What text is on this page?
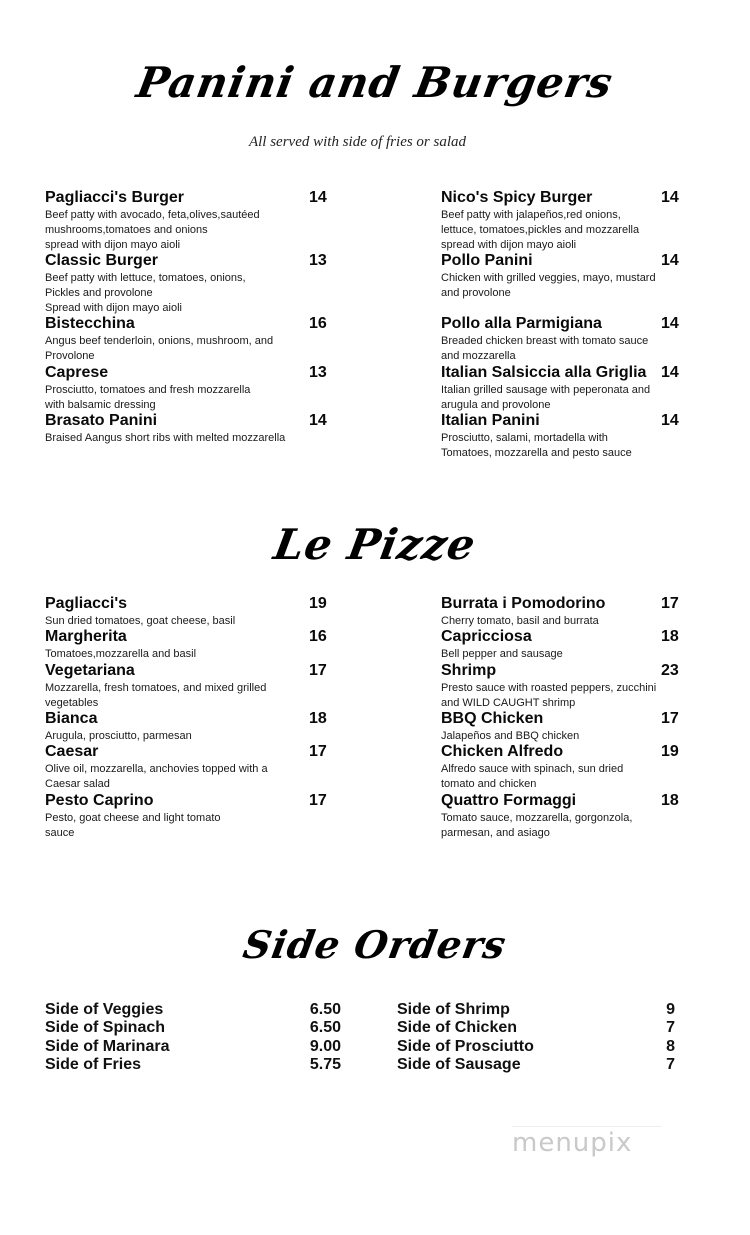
Panini and Burgers
All served with side of fries or salad
Le Pizze
Side Orders
Pagliacci's Burger
Beef patty with avocado, feta,olives,sautéed
mushrooms,tomatoes and onions
spread with dijon mayo aioli
14
Classic Burger
Beef patty with lettuce, tomatoes, onions,
Pickles and provolone
Spread with dijon mayo aioli
13
Bistecchina
Angus beef tenderloin, onions, mushroom, and
Provolone
16
Caprese
Prosciutto, tomatoes and fresh mozzarella
with balsamic dressing
13
Brasato Panini
Braised Aangus short ribs with melted mozzarella
14
Nico's Spicy Burger
Beef patty with jalapeños,red onions,
lettuce, tomatoes,pickles and mozzarella
spread with dijon mayo aioli
14
Pollo Panini
Chicken with grilled veggies, mayo, mustard
and provolone
14
Pollo alla Parmigiana
Breaded chicken breast with tomato sauce
and mozzarella
14
Italian Salsiccia alla Griglia
Italian grilled sausage with peperonata and
arugula and provolone
14
Italian Panini
Prosciutto, salami, mortadella with
Tomatoes, mozzarella and pesto sauce
14
Pagliacci's
Sun dried tomatoes, goat cheese, basil
19
Margherita
Tomatoes,mozzarella and basil
16
Vegetariana
Mozzarella, fresh tomatoes, and mixed grilled
vegetables
17
Bianca
Arugula, prosciutto, parmesan
18
Caesar
Olive oil, mozzarella, anchovies topped with a
Caesar salad
17
Pesto Caprino
Pesto, goat cheese and light tomato
sauce
17
Burrata i Pomodorino
Cherry tomato, basil and burrata
17
Capricciosa
Bell pepper and sausage
18
Shrimp
Presto sauce with roasted peppers, zucchini
and WILD CAUGHT shrimp
23
BBQ Chicken
Jalapeños and BBQ chicken
17
Chicken Alfredo
Alfredo sauce with spinach, sun dried
tomato and chicken
19
Quattro Formaggi
Tomato sauce, mozzarella, gorgonzola,
parmesan, and asiago
18
Side of Veggies	6.50
Side of Spinach	6.50
Side of Marinara	9.00
Side of Fries	5.75
Side of Shrimp	9
Side of Chicken	7
Side of Prosciutto	8
Side of Sausage	7
menupix
